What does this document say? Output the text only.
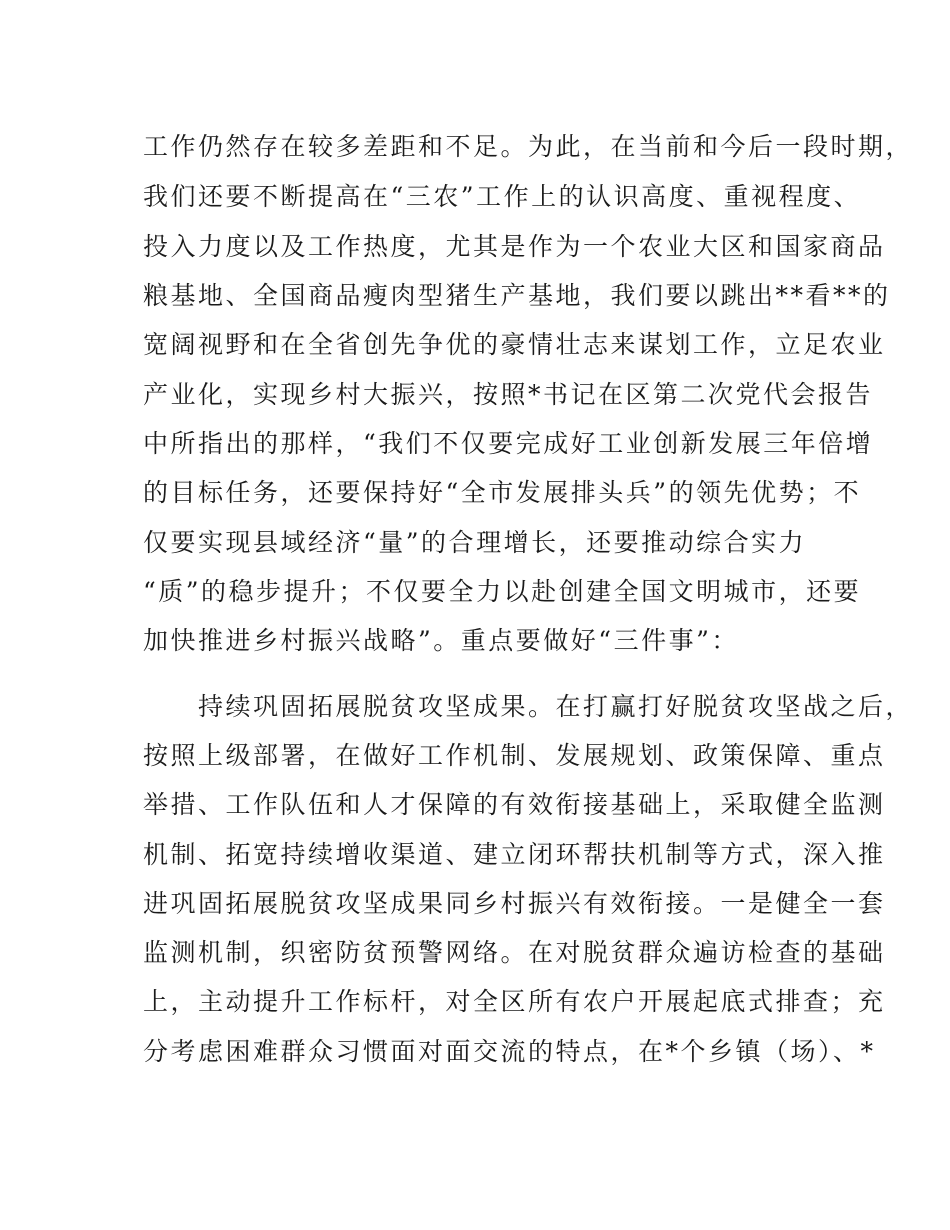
工作仍然存在较多差距和不足。为此，在当前和今后一段时期，
我们还要不断提高在“三农”工作上的认识高度、重视程度、
投入力度以及工作热度，尤其是作为一个农业大区和国家商品
粮基地、全国商品瘦肉型猪生产基地，我们要以跳出**看**的
宽阔视野和在全省创先争优的豪情壮志来谋划工作，立足农业
产业化，实现乡村大振兴，按照*书记在区第二次党代会报告
中所指出的那样，“我们不仅要完成好工业创新发展三年倍增
的目标任务，还要保持好“全市发展排头兵”的领先优势；不
仅要实现县域经济“量”的合理增长，还要推动综合实力
“质”的稳步提升；不仅要全力以赴创建全国文明城市，还要
加快推进乡村振兴战略”。重点要做好“三件事”：
　　持续巩固拓展脱贫攻坚成果。在打赢打好脱贫攻坚战之后，
按照上级部署，在做好工作机制、发展规划、政策保障、重点
举措、工作队伍和人才保障的有效衔接基础上，采取健全监测
机制、拓宽持续增收渠道、建立闭环帮扶机制等方式，深入推
进巩固拓展脱贫攻坚成果同乡村振兴有效衔接。一是健全一套
监测机制，织密防贫预警网络。在对脱贫群众遍访检查的基础
上，主动提升工作标杆，对全区所有农户开展起底式排查；充
分考虑困难群众习惯面对面交流的特点，在*个乡镇（场）、*
